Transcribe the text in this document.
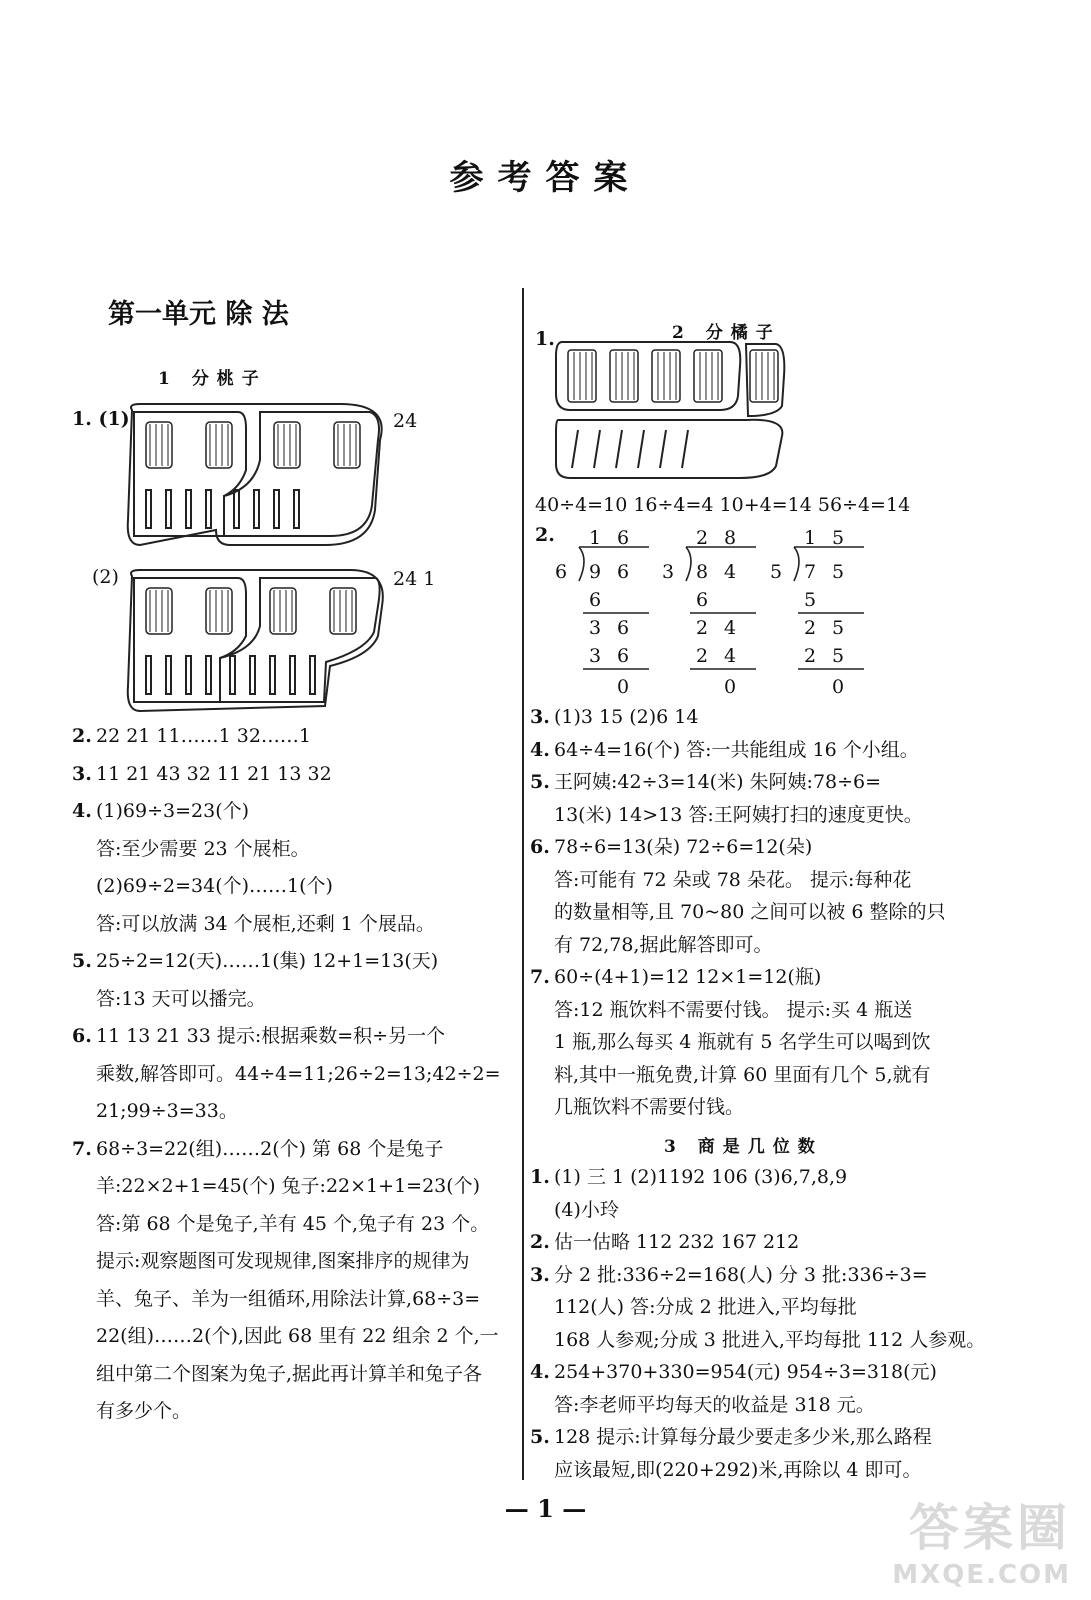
参考答案
第一单元 除 法
1 分桃子
1. (1)	24
(2)	24 1
2. 22 21 11……1 32……1
3. 11 21 43 32 11 21 13 32
4. (1)69÷3=23(个)
答:至少需要 23 个展柜。
(2)69÷2=34(个)……1(个)
答:可以放满 34 个展柜,还剩 1 个展品。
5. 25÷2=12(天)……1(集) 12+1=13(天)
答:13 天可以播完。
6. 11 13 21 33 提示:根据乘数=积÷另一个
乘数,解答即可。44÷4=11;26÷2=13;42÷2=
21;99÷3=33。
7. 68÷3=22(组)……2(个) 第 68 个是兔子
羊:22×2+1=45(个) 兔子:22×1+1=23(个)
答:第 68 个是兔子,羊有 45 个,兔子有 23 个。
提示:观察题图可发现规律,图案排序的规律为
羊、兔子、羊为一组循环,用除法计算,68÷3=
22(组)……2(个),因此 68 里有 22 组余 2 个,一
组中第二个图案为兔子,据此再计算羊和兔子各
有多少个。
2 分橘子
1.
40÷4=10 16÷4=4 10+4=14 56÷4=14
2. 1 6
6 9 6
6
3 6
3 6
0
2 8
3 8 4
6
2 4
2 4
0
1 5
5 7 5
5
2 5
2 5
0
3. (1)3 15 (2)6 14
4. 64÷4=16(个) 答:一共能组成 16 个小组。
5. 王阿姨:42÷3=14(米) 朱阿姨:78÷6=
13(米) 14>13 答:王阿姨打扫的速度更快。
6. 78÷6=13(朵) 72÷6=12(朵)
答:可能有 72 朵或 78 朵花。 提示:每种花
的数量相等,且 70~80 之间可以被 6 整除的只
有 72,78,据此解答即可。
7. 60÷(4+1)=12 12×1=12(瓶)
答:12 瓶饮料不需要付钱。 提示:买 4 瓶送
1 瓶,那么每买 4 瓶就有 5 名学生可以喝到饮
料,其中一瓶免费,计算 60 里面有几个 5,就有
几瓶饮料不需要付钱。
1. (1) 三 1 (2)1192 106 (3)6,7,8,9
(4)小玲
2. 估一估略 112 232 167 212
3. 分 2 批:336÷2=168(人) 分 3 批:336÷3=
112(人) 答:分成 2 批进入,平均每批
168 人参观;分成 3 批进入,平均每批 112 人参观。
4. 254+370+330=954(元) 954÷3=318(元)
答:李老师平均每天的收益是 318 元。
5. 128 提示:计算每分最少要走多少米,那么路程
应该最短,即(220+292)米,再除以 4 即可。
— 1 —	答案圈
MXQE.COM
3 商是几位数
